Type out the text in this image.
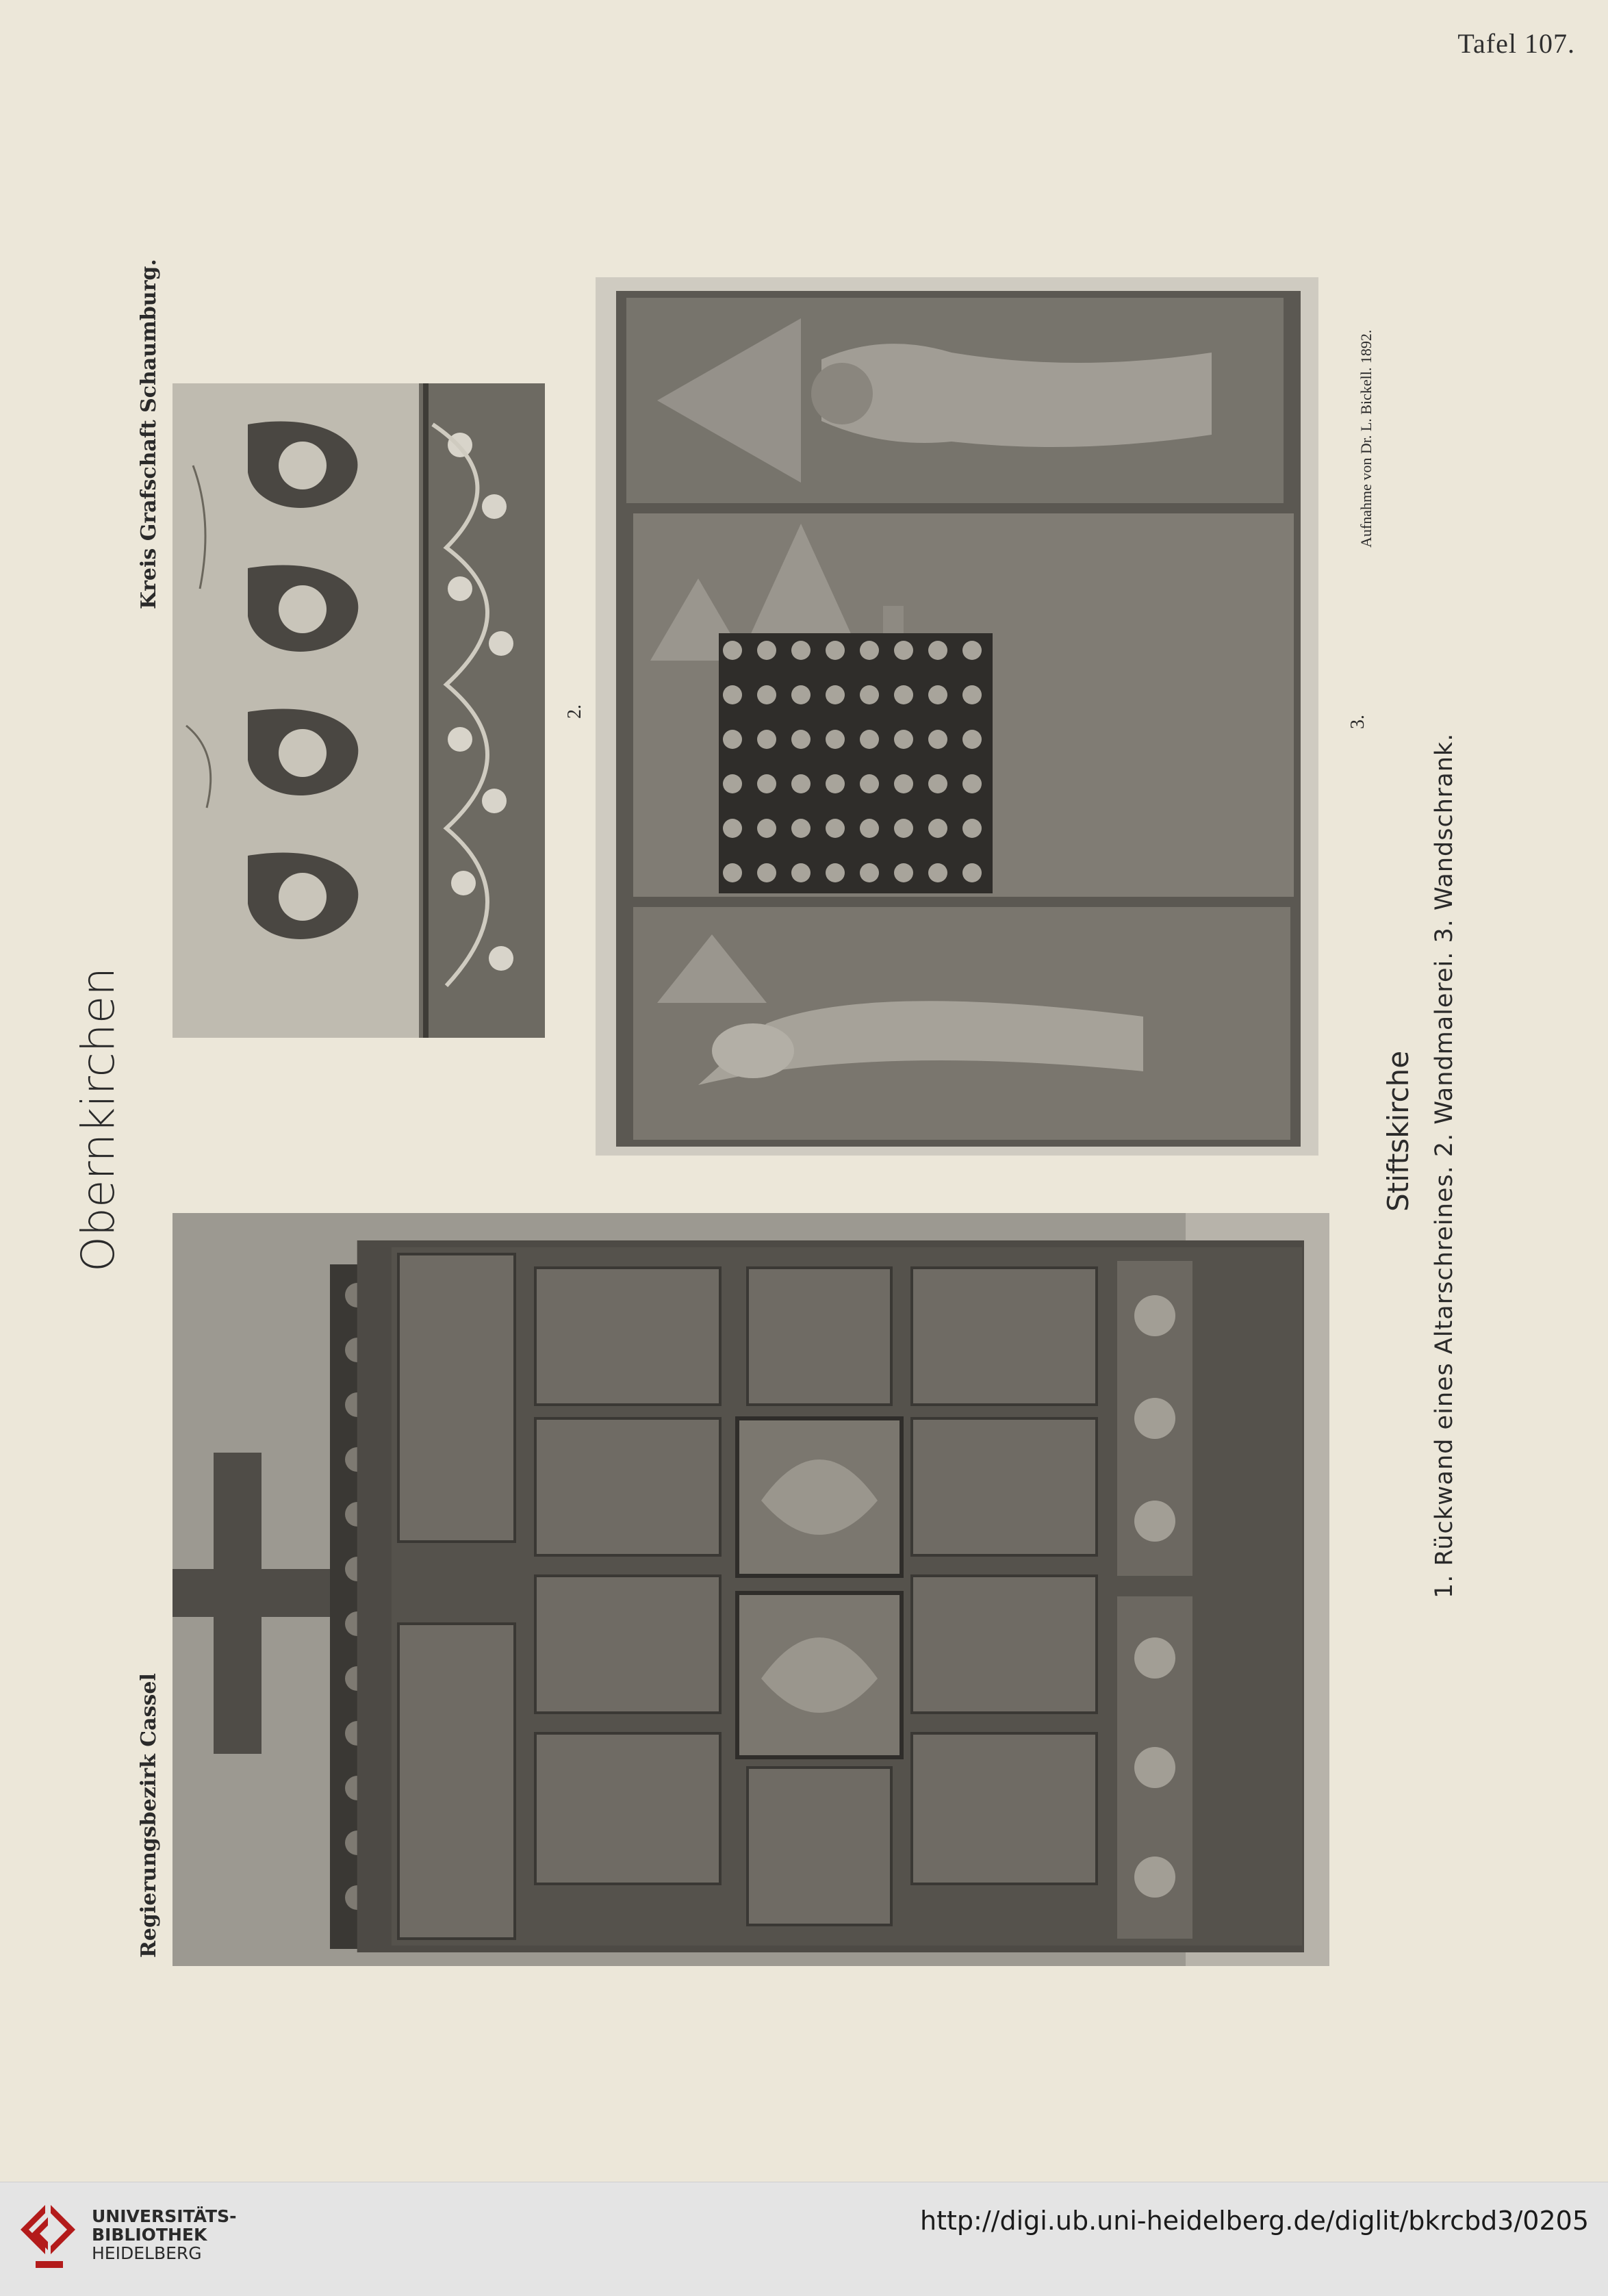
Tafel 107.
Obernkirchen
Regierungsbezirk Cassel
Kreis Grafschaft Schaumburg.	Aufnahme von Dr. L. Bickell. 1892.
2.
3.
Stiftskirche 1. Rückwand eines Altarschreines. 2. Wandmalerei. 3. Wandschrank.
UNIVERSITÄTS-
BIBLIOTHEK
HEIDELBERG
http://digi.ub.uni-heidelberg.de/diglit/bkrcbd3/0205
